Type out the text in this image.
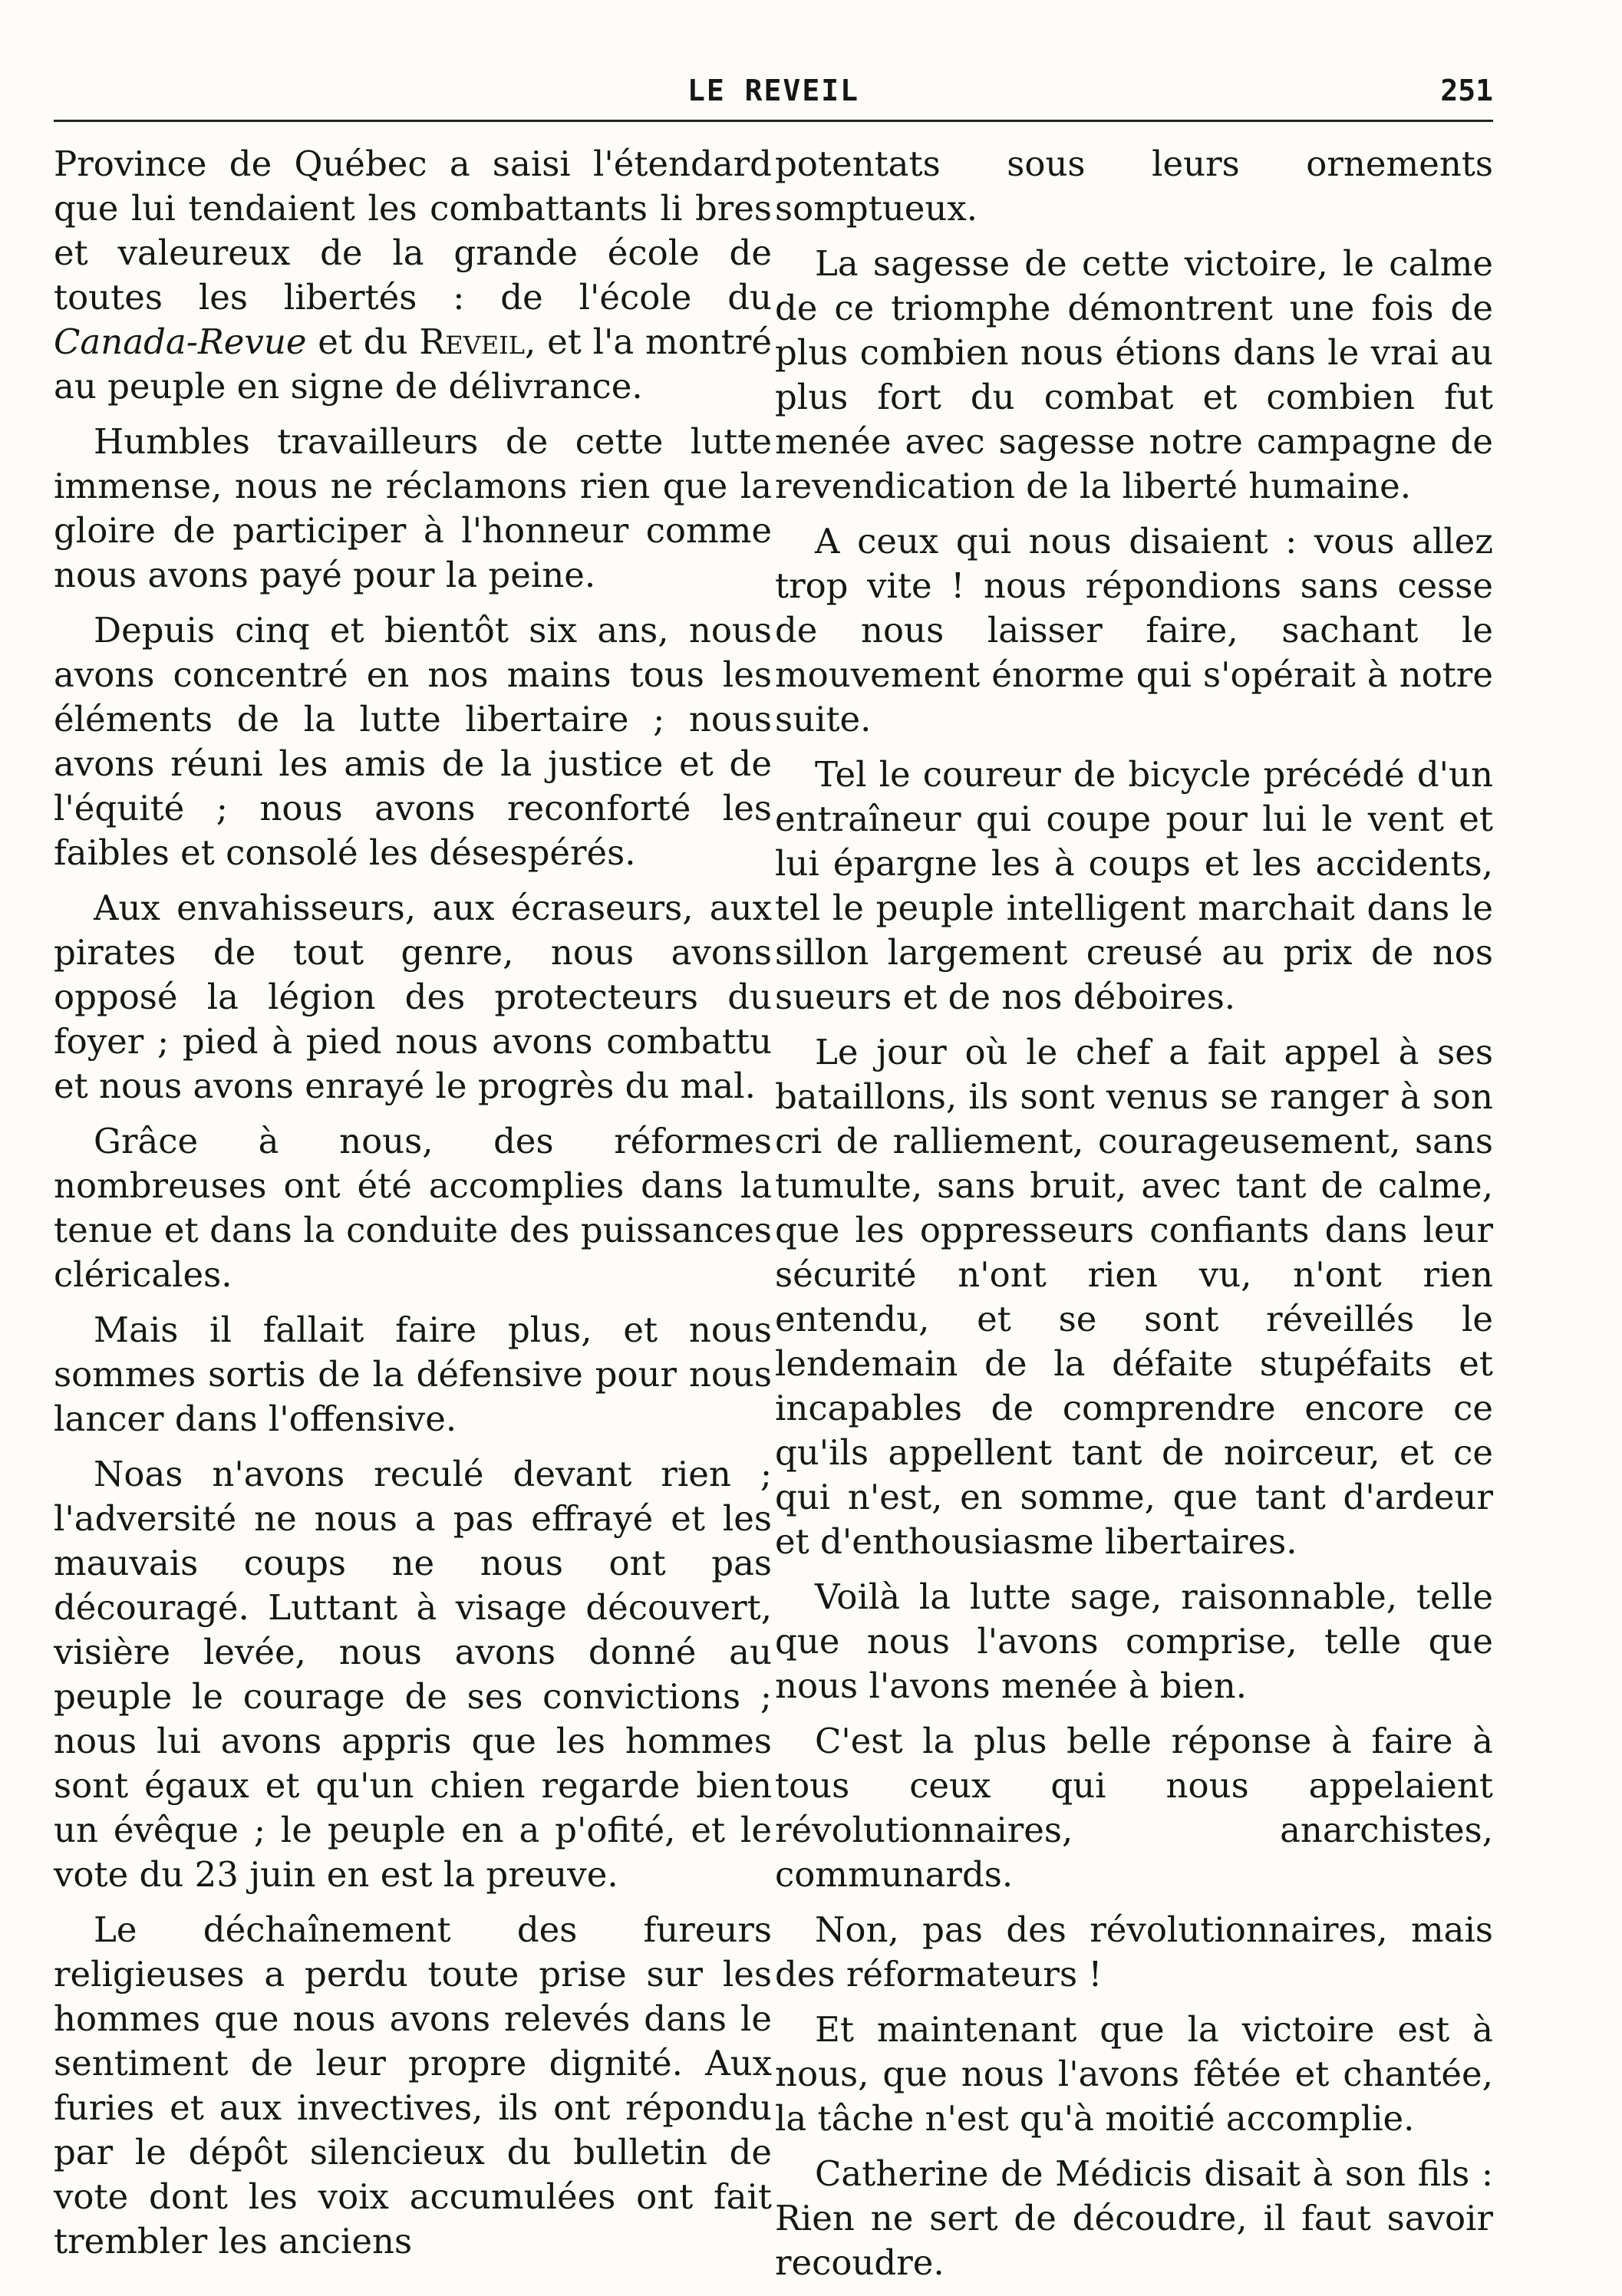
LE REVEIL	251

Province de Québec a saisi l'étendard que lui tendaient les combattants li bres et valeureux de la grande école de toutes les libertés : de l'école du Canada-Revue et du Reveil, et l'a montré au peuple en signe de délivrance.

Humbles travailleurs de cette lutte immense, nous ne réclamons rien que la gloire de participer à l'honneur comme nous avons payé pour la peine.

Depuis cinq et bientôt six ans, nous avons concentré en nos mains tous les éléments de la lutte libertaire ; nous avons réuni les amis de la justice et de l'équité ; nous avons reconforté les faibles et consolé les désespérés.

Aux envahisseurs, aux écraseurs, aux pirates de tout genre, nous avons opposé la légion des protecteurs du foyer ; pied à pied nous avons combattu et nous avons enrayé le progrès du mal.

Grâce à nous, des réformes nombreuses ont été accomplies dans la tenue et dans la conduite des puissances cléricales.

Mais il fallait faire plus, et nous sommes sortis de la défensive pour nous lancer dans l'offensive.

Noas n'avons reculé devant rien ; l'adversité ne nous a pas effrayé et les mauvais coups ne nous ont pas découragé. Luttant à visage découvert, visière levée, nous avons donné au peuple le courage de ses convictions ; nous lui avons appris que les hommes sont égaux et qu'un chien regarde bien un évêque ; le peuple en a p'ofité, et le vote du 23 juin en est la preuve.

Le déchaînement des fureurs religieuses a perdu toute prise sur les hommes que nous avons relevés dans le sentiment de leur propre dignité. Aux furies et aux invectives, ils ont répondu par le dépôt silencieux du bulletin de vote dont les voix accumulées ont fait trembler les anciens

potentats sous leurs ornements somptueux.

La sagesse de cette victoire, le calme de ce triomphe démontrent une fois de plus combien nous étions dans le vrai au plus fort du combat et combien fut menée avec sagesse notre campagne de revendication de la liberté humaine.

A ceux qui nous disaient : vous allez trop vite ! nous répondions sans cesse de nous laisser faire, sachant le mouvement énorme qui s'opérait à notre suite.

Tel le coureur de bicycle précédé d'un entraîneur qui coupe pour lui le vent et lui épargne les à coups et les accidents, tel le peuple intelligent marchait dans le sillon largement creusé au prix de nos sueurs et de nos déboires.

Le jour où le chef a fait appel à ses bataillons, ils sont venus se ranger à son cri de ralliement, courageusement, sans tumulte, sans bruit, avec tant de calme, que les oppresseurs confiants dans leur sécurité n'ont rien vu, n'ont rien entendu, et se sont réveillés le lendemain de la défaite stupéfaits et incapables de comprendre encore ce qu'ils appellent tant de noirceur, et ce qui n'est, en somme, que tant d'ardeur et d'enthousiasme libertaires.

Voilà la lutte sage, raisonnable, telle que nous l'avons comprise, telle que nous l'avons menée à bien.

C'est la plus belle réponse à faire à tous ceux qui nous appelaient révolutionnaires, anarchistes, communards.

Non, pas des révolutionnaires, mais des réformateurs !

Et maintenant que la victoire est à nous, que nous l'avons fêtée et chantée, la tâche n'est qu'à moitié accomplie.

Catherine de Médicis disait à son fils : Rien ne sert de découdre, il faut savoir recoudre.
